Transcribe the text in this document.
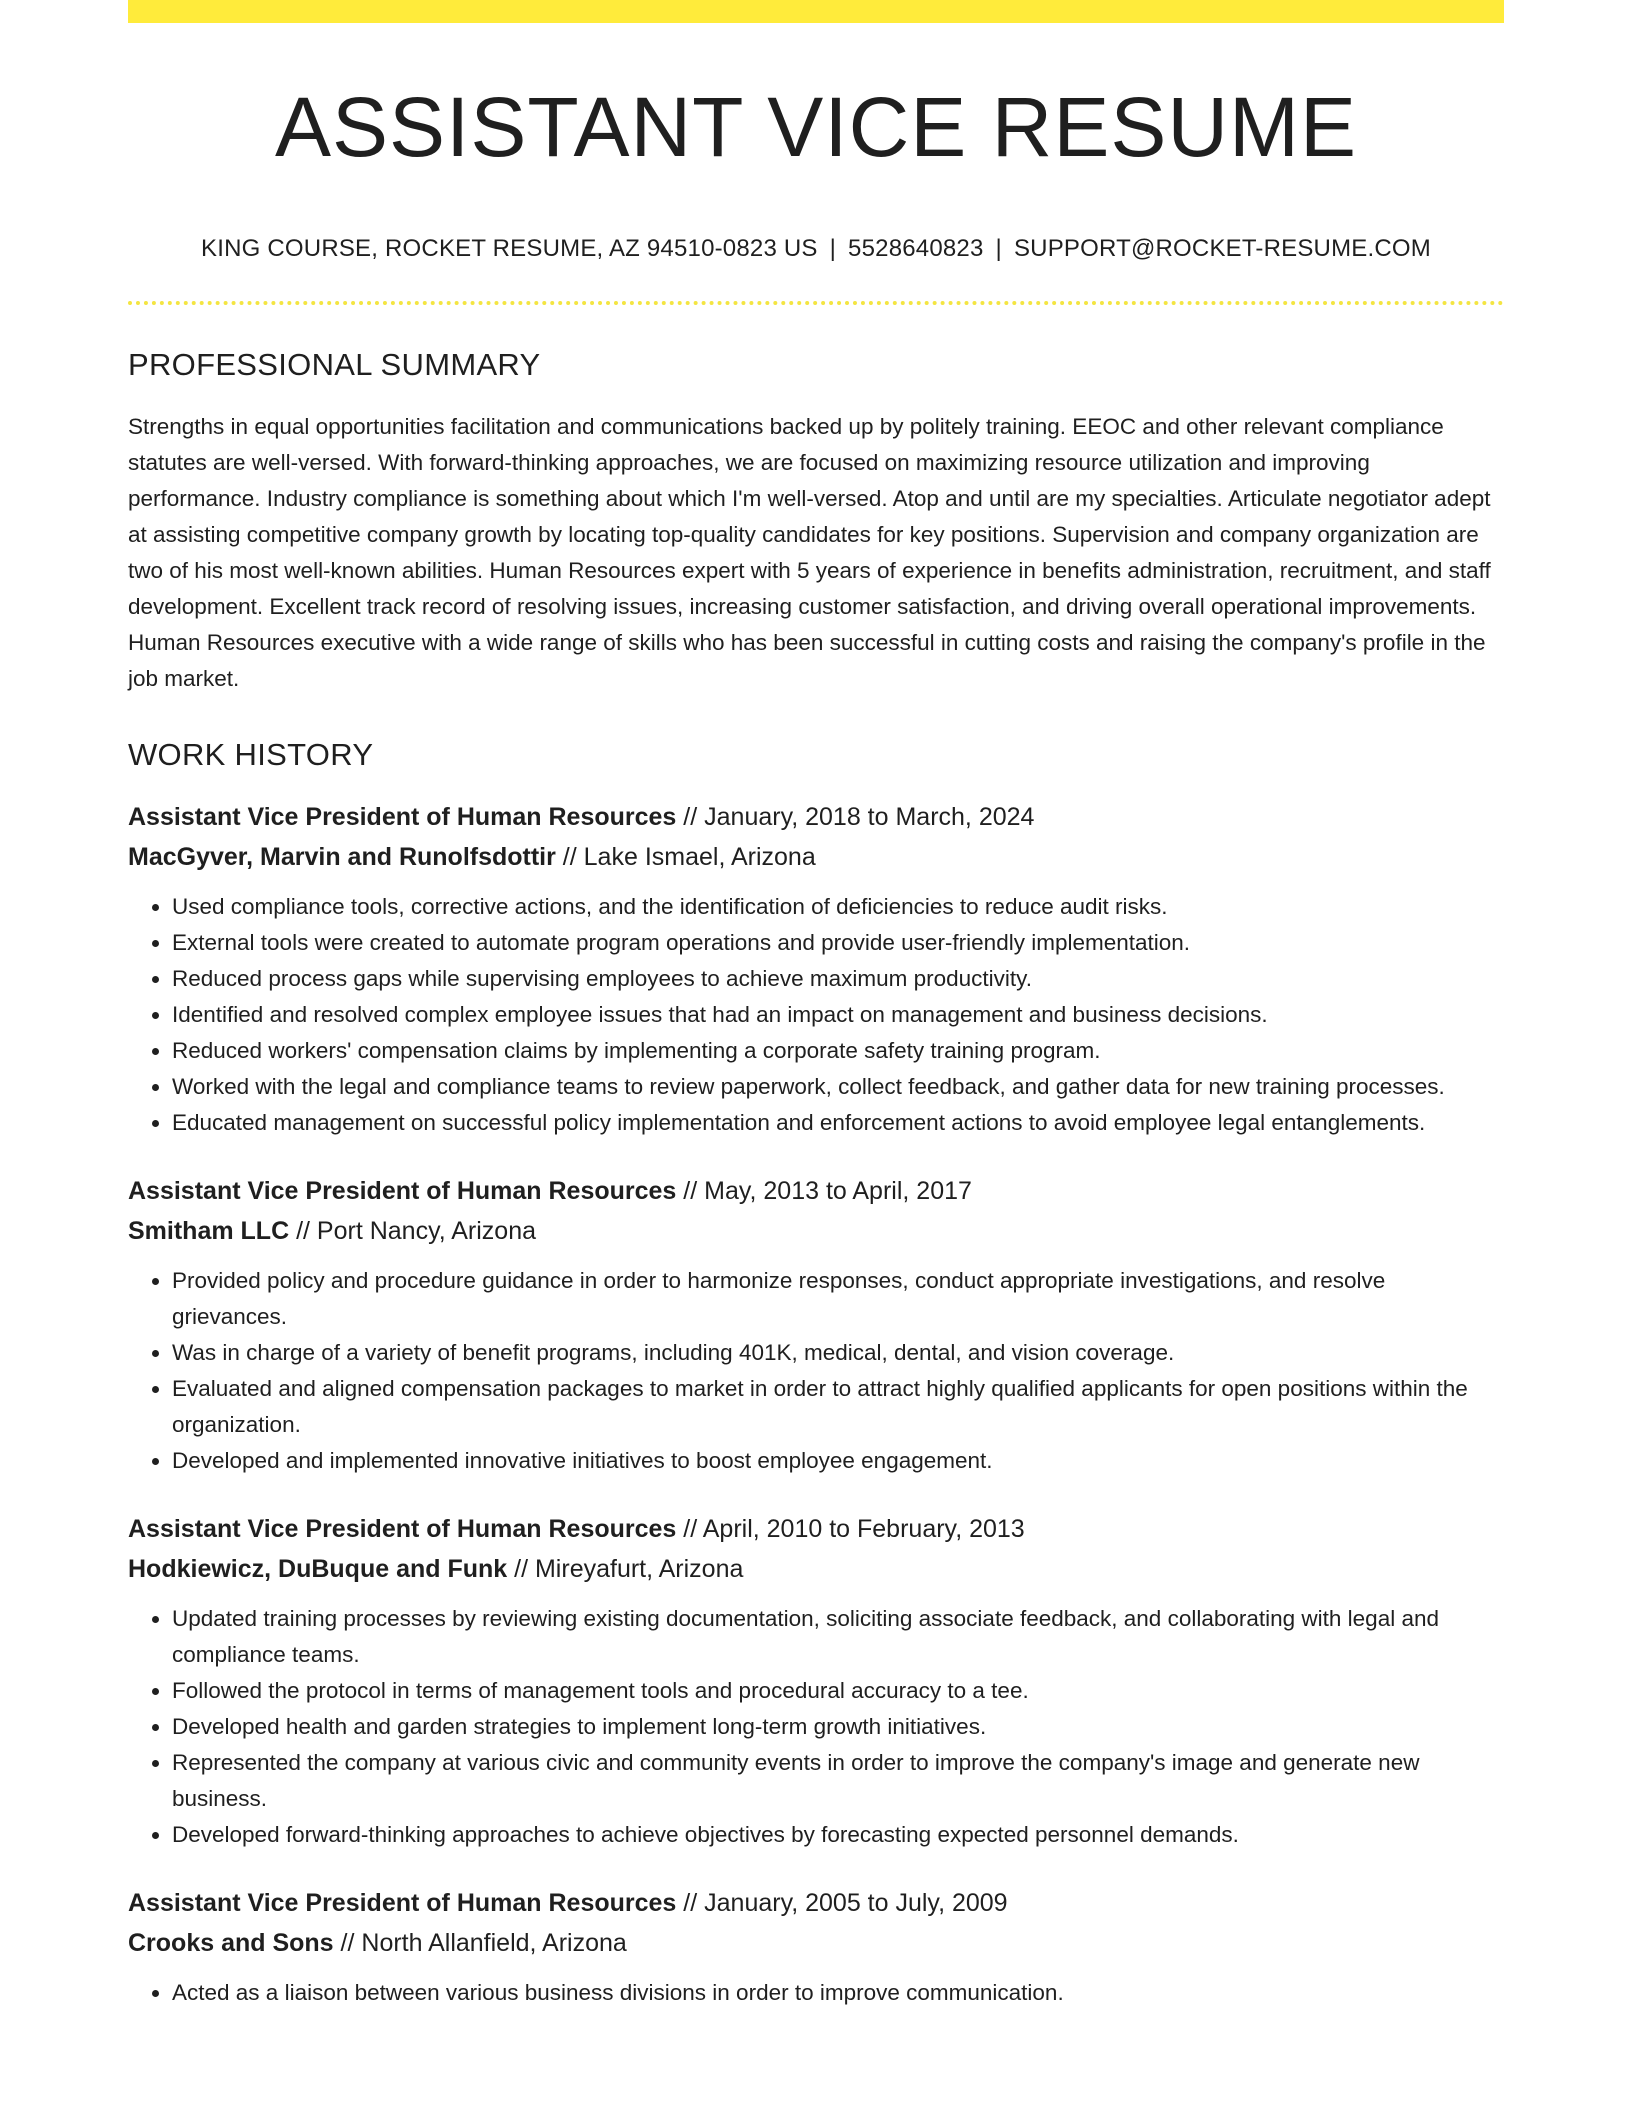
ASSISTANT VICE RESUME
KING COURSE, ROCKET RESUME, AZ 94510-0823 US | 5528640823 | SUPPORT@ROCKET-RESUME.COM
PROFESSIONAL SUMMARY

Strengths in equal opportunities facilitation and communications backed up by politely training. EEOC and other relevant compliance statutes are well-versed. With forward-thinking approaches, we are focused on maximizing resource utilization and improving performance. Industry compliance is something about which I'm well-versed. Atop and until are my specialties. Articulate negotiator adept at assisting competitive company growth by locating top-quality candidates for key positions. Supervision and company organization are two of his most well-known abilities. Human Resources expert with 5 years of experience in benefits administration, recruitment, and staff development. Excellent track record of resolving issues, increasing customer satisfaction, and driving overall operational improvements. Human Resources executive with a wide range of skills who has been successful in cutting costs and raising the company's profile in the job market.

WORK HISTORY
Assistant Vice President of Human Resources // January, 2018 to March, 2024
MacGyver, Marvin and Runolfsdottir // Lake Ismael, Arizona
• Used compliance tools, corrective actions, and the identification of deficiencies to reduce audit risks.
• External tools were created to automate program operations and provide user-friendly implementation.
• Reduced process gaps while supervising employees to achieve maximum productivity.
• Identified and resolved complex employee issues that had an impact on management and business decisions.
• Reduced workers' compensation claims by implementing a corporate safety training program.
• Worked with the legal and compliance teams to review paperwork, collect feedback, and gather data for new training processes.
• Educated management on successful policy implementation and enforcement actions to avoid employee legal entanglements.
Assistant Vice President of Human Resources // May, 2013 to April, 2017
Smitham LLC // Port Nancy, Arizona
• Provided policy and procedure guidance in order to harmonize responses, conduct appropriate investigations, and resolve grievances.
• Was in charge of a variety of benefit programs, including 401K, medical, dental, and vision coverage.
• Evaluated and aligned compensation packages to market in order to attract highly qualified applicants for open positions within the organization.
• Developed and implemented innovative initiatives to boost employee engagement.
Assistant Vice President of Human Resources // April, 2010 to February, 2013
Hodkiewicz, DuBuque and Funk // Mireyafurt, Arizona
• Updated training processes by reviewing existing documentation, soliciting associate feedback, and collaborating with legal and compliance teams.
• Followed the protocol in terms of management tools and procedural accuracy to a tee.
• Developed health and garden strategies to implement long-term growth initiatives.
• Represented the company at various civic and community events in order to improve the company's image and generate new business.
• Developed forward-thinking approaches to achieve objectives by forecasting expected personnel demands.
Assistant Vice President of Human Resources // January, 2005 to July, 2009
Crooks and Sons // North Allanfield, Arizona
• Acted as a liaison between various business divisions in order to improve communication.
